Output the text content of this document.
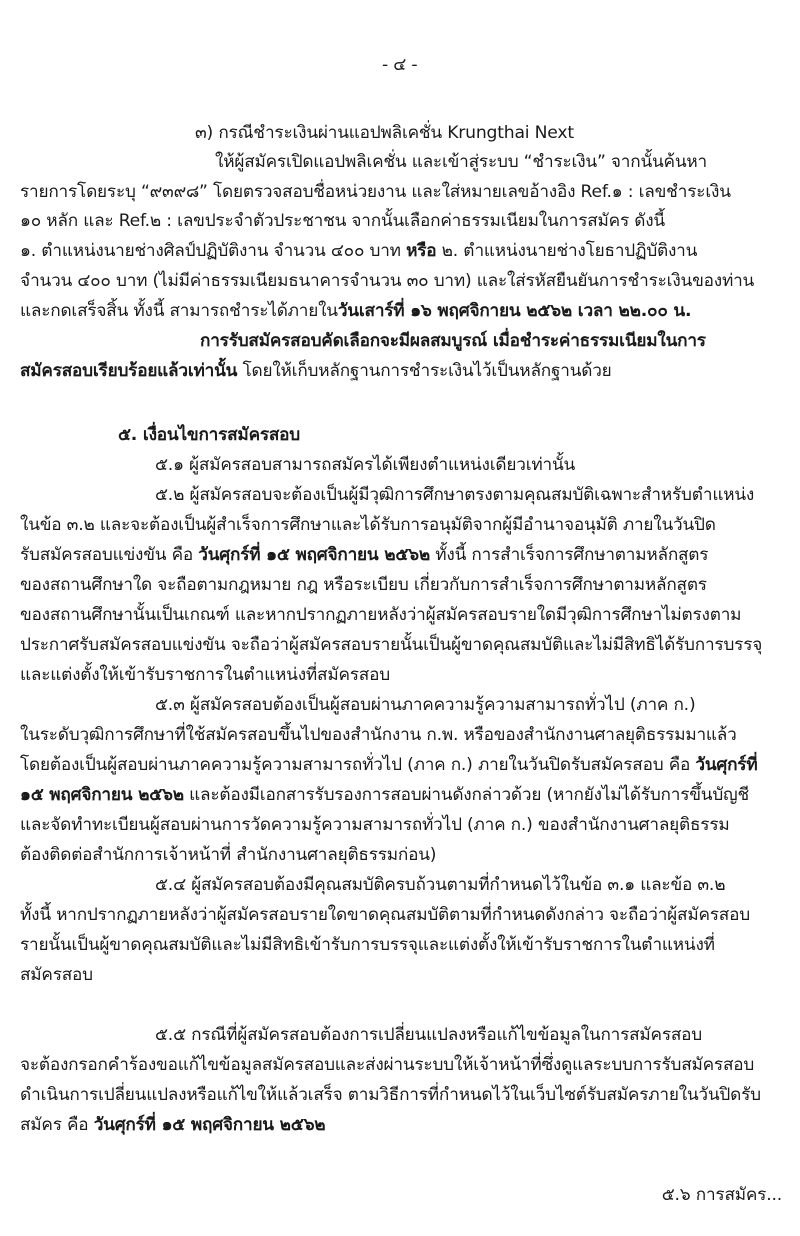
- ๔ -
๓) กรณีชำระเงินผ่านแอปพลิเคชั่น Krungthai Next
ให้ผู้สมัครเปิดแอปพลิเคชั่น และเข้าสู่ระบบ “ชำระเงิน” จากนั้นค้นหา
รายการโดยระบุ “๙๓๙๘” โดยตรวจสอบชื่อหน่วยงาน และใส่หมายเลขอ้างอิง Ref.๑ : เลขชำระเงิน
๑๐ หลัก และ Ref.๒ : เลขประจำตัวประชาชน จากนั้นเลือกค่าธรรมเนียมในการสมัคร ดังนี้
๑. ตำแหน่งนายช่างศิลป์ปฏิบัติงาน จำนวน ๔๐๐ บาท หรือ ๒. ตำแหน่งนายช่างโยธาปฏิบัติงาน
จำนวน ๔๐๐ บาท (ไม่มีค่าธรรมเนียมธนาคารจำนวน ๓๐ บาท) และใส่รหัสยืนยันการชำระเงินของท่าน
และกดเสร็จสิ้น ทั้งนี้ สามารถชำระได้ภายในวันเสาร์ที่ ๑๖ พฤศจิกายน ๒๕๖๒ เวลา ๒๒.๐๐ น.
การรับสมัครสอบคัดเลือกจะมีผลสมบูรณ์ เมื่อชำระค่าธรรมเนียมในการ
สมัครสอบเรียบร้อยแล้วเท่านั้น โดยให้เก็บหลักฐานการชำระเงินไว้เป็นหลักฐานด้วย
๕. เงื่อนไขการสมัครสอบ
๕.๑ ผู้สมัครสอบสามารถสมัครได้เพียงตำแหน่งเดียวเท่านั้น
๕.๒ ผู้สมัครสอบจะต้องเป็นผู้มีวุฒิการศึกษาตรงตามคุณสมบัติเฉพาะสำหรับตำแหน่ง
ในข้อ ๓.๒ และจะต้องเป็นผู้สำเร็จการศึกษาและได้รับการอนุมัติจากผู้มีอำนาจอนุมัติ ภายในวันปิด
รับสมัครสอบแข่งขัน คือ วันศุกร์ที่ ๑๕ พฤศจิกายน ๒๕๖๒ ทั้งนี้ การสำเร็จการศึกษาตามหลักสูตร
ของสถานศึกษาใด จะถือตามกฎหมาย กฎ หรือระเบียบ เกี่ยวกับการสำเร็จการศึกษาตามหลักสูตร
ของสถานศึกษานั้นเป็นเกณฑ์ และหากปรากฏภายหลังว่าผู้สมัครสอบรายใดมีวุฒิการศึกษาไม่ตรงตาม
ประกาศรับสมัครสอบแข่งขัน จะถือว่าผู้สมัครสอบรายนั้นเป็นผู้ขาดคุณสมบัติและไม่มีสิทธิได้รับการบรรจุ
และแต่งตั้งให้เข้ารับราชการในตำแหน่งที่สมัครสอบ
๕.๓ ผู้สมัครสอบต้องเป็นผู้สอบผ่านภาคความรู้ความสามารถทั่วไป (ภาค ก.)
ในระดับวุฒิการศึกษาที่ใช้สมัครสอบขึ้นไปของสำนักงาน ก.พ. หรือของสำนักงานศาลยุติธรรมมาแล้ว
โดยต้องเป็นผู้สอบผ่านภาคความรู้ความสามารถทั่วไป (ภาค ก.) ภายในวันปิดรับสมัครสอบ คือ วันศุกร์ที่
๑๕ พฤศจิกายน ๒๕๖๒ และต้องมีเอกสารรับรองการสอบผ่านดังกล่าวด้วย (หากยังไม่ได้รับการขึ้นบัญชี
และจัดทำทะเบียนผู้สอบผ่านการวัดความรู้ความสามารถทั่วไป (ภาค ก.) ของสำนักงานศาลยุติธรรม
ต้องติดต่อสำนักการเจ้าหน้าที่ สำนักงานศาลยุติธรรมก่อน)
๕.๔ ผู้สมัครสอบต้องมีคุณสมบัติครบถ้วนตามที่กำหนดไว้ในข้อ ๓.๑ และข้อ ๓.๒
ทั้งนี้ หากปรากฏภายหลังว่าผู้สมัครสอบรายใดขาดคุณสมบัติตามที่กำหนดดังกล่าว จะถือว่าผู้สมัครสอบ
รายนั้นเป็นผู้ขาดคุณสมบัติและไม่มีสิทธิเข้ารับการบรรจุและแต่งตั้งให้เข้ารับราชการในตำแหน่งที่
สมัครสอบ
๕.๕ กรณีที่ผู้สมัครสอบต้องการเปลี่ยนแปลงหรือแก้ไขข้อมูลในการสมัครสอบ
จะต้องกรอกคำร้องขอแก้ไขข้อมูลสมัครสอบและส่งผ่านระบบให้เจ้าหน้าที่ซึ่งดูแลระบบการรับสมัครสอบ
ดำเนินการเปลี่ยนแปลงหรือแก้ไขให้แล้วเสร็จ ตามวิธีการที่กำหนดไว้ในเว็บไซต์รับสมัครภายในวันปิดรับ
สมัคร คือ วันศุกร์ที่ ๑๕ พฤศจิกายน ๒๕๖๒
๕.๖ การสมัคร...
